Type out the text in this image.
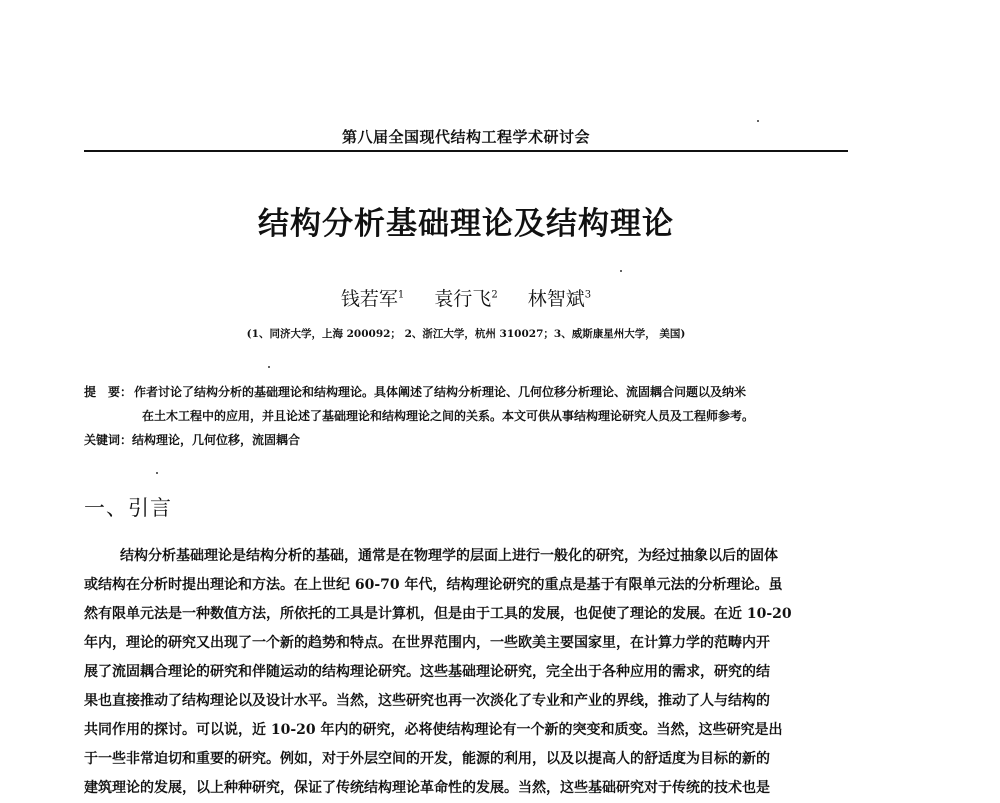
第八届全国现代结构工程学术研讨会
结构分析基础理论及结构理论
钱若军$^1$ 袁行飞$^2$ 林智斌$^3$
(1、同济大学，上海 200092； 2、浙江大学，杭州 310027；3、威斯康星州大学， 美国)
提　要： 作者讨论了结构分析的基础理论和结构理论。具体阐述了结构分析理论、几何位移分析理论、流固耦合问题以及纳米
在土木工程中的应用，并且论述了基础理论和结构理论之间的关系。本文可供从事结构理论研究人员及工程师参考。
关键词：结构理论，几何位移，流固耦合
一、引言
结构分析基础理论是结构分析的基础，通常是在物理学的层面上进行一般化的研究，为经过抽象以后的固体
或结构在分析时提出理论和方法。在上世纪 60-70 年代，结构理论研究的重点是基于有限单元法的分析理论。虽
然有限单元法是一种数值方法，所依托的工具是计算机，但是由于工具的发展，也促使了理论的发展。在近 10-20
年内，理论的研究又出现了一个新的趋势和特点。在世界范围内，一些欧美主要国家里，在计算力学的范畴内开
展了流固耦合理论的研究和伴随运动的结构理论研究。这些基础理论研究，完全出于各种应用的需求，研究的结
果也直接推动了结构理论以及设计水平。当然，这些研究也再一次淡化了专业和产业的界线，推动了人与结构的
共同作用的探讨。可以说，近 10-20 年内的研究，必将使结构理论有一个新的突变和质变。当然，这些研究是出
于一些非常迫切和重要的研究。例如，对于外层空间的开发，能源的利用，以及以提高人的舒适度为目标的新的
建筑理论的发展，以上种种研究，保证了传统结构理论革命性的发展。当然，这些基础研究对于传统的技术也是
